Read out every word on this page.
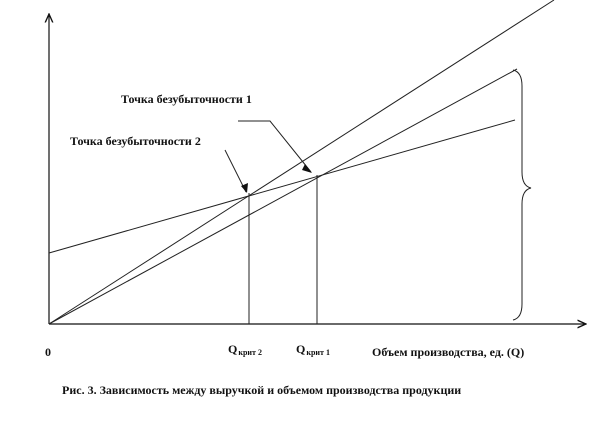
Точка безубыточности 1
Точка безубыточности 2
0	Qкрит 2	Qкрит 1	Объем производства, ед. (Q)
Рис. 3. Зависимость между выручкой и объемом производства продукции
